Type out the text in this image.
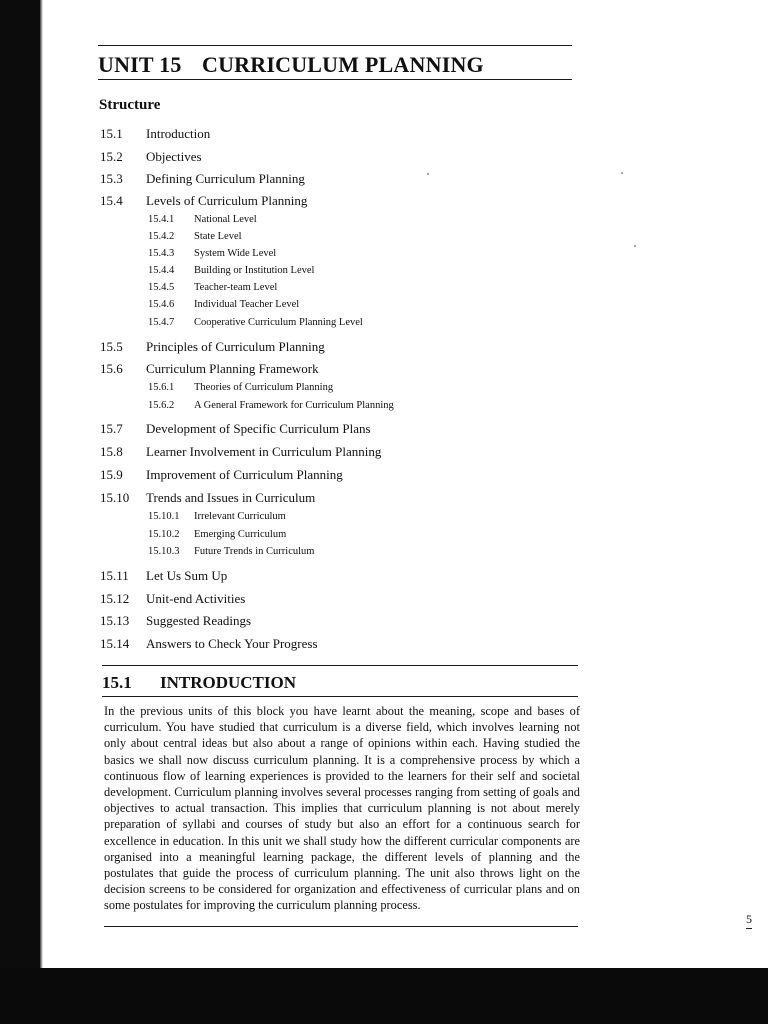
UNIT 15 CURRICULUM PLANNING
Structure
15.1 Introduction
15.2 Objectives
15.3 Defining Curriculum Planning
15.4 Levels of Curriculum Planning
15.4.1 National Level
15.4.2 State Level
15.4.3 System Wide Level
15.4.4 Building or Institution Level
15.4.5 Teacher-team Level
15.4.6 Individual Teacher Level
15.4.7 Cooperative Curriculum Planning Level
15.5 Principles of Curriculum Planning
15.6 Curriculum Planning Framework
15.6.1 Theories of Curriculum Planning
15.6.2 A General Framework for Curriculum Planning
15.7 Development of Specific Curriculum Plans
15.8 Learner Involvement in Curriculum Planning
15.9 Improvement of Curriculum Planning
15.10 Trends and Issues in Curriculum
15.10.1 Irrelevant Curriculum
15.10.2 Emerging Curriculum
15.10.3 Future Trends in Curriculum
15.11 Let Us Sum Up
15.12 Unit-end Activities
15.13 Suggested Readings
15.14 Answers to Check Your Progress
15.1 INTRODUCTION

In the previous units of this block you have learnt about the meaning, scope and bases of curriculum. You have studied that curriculum is a diverse field, which involves learning not only about central ideas but also about a range of opinions within each. Having studied the basics we shall now discuss curriculum planning. It is a comprehensive process by which a continuous flow of learning experiences is provided to the learners for their self and societal development. Curriculum planning involves several processes ranging from setting of goals and objectives to actual transaction. This implies that curriculum planning is not about merely preparation of syllabi and courses of study but also an effort for a continuous search for excellence in education. In this unit we shall study how the different curricular components are organised into a meaningful learning package, the different levels of planning and the postulates that guide the process of curriculum planning. The unit also throws light on the decision screens to be considered for organization and effectiveness of curricular plans and on some postulates for improving the curriculum planning process.

5
